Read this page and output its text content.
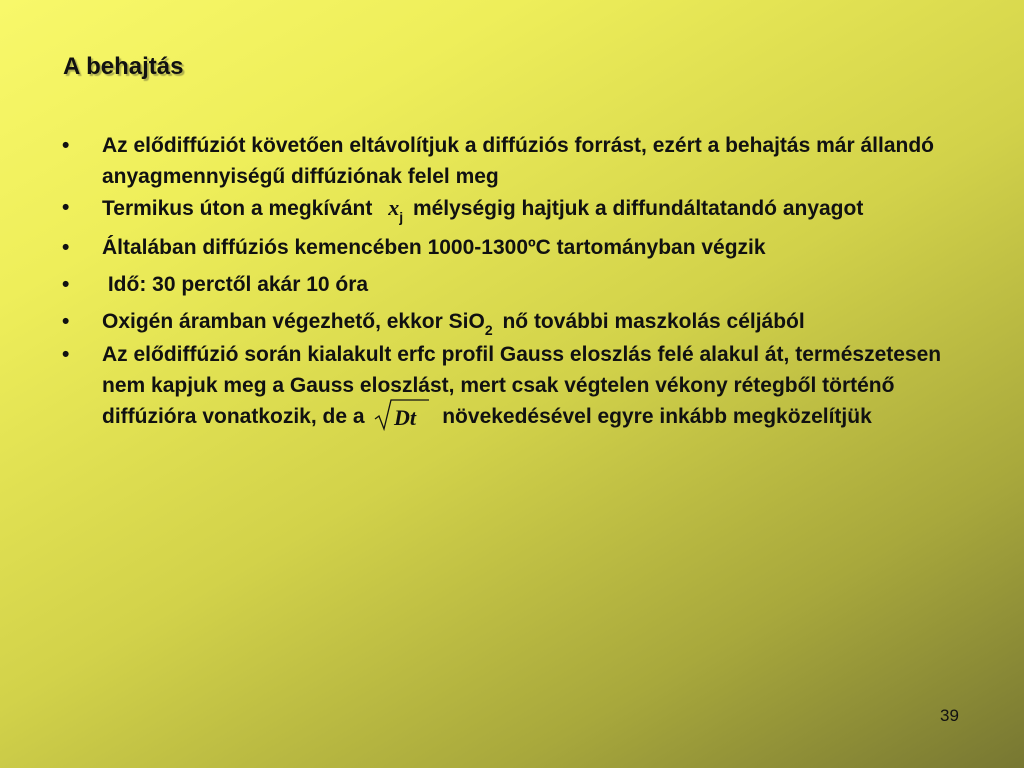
A behajtás
•	Az elődiffúziót követően eltávolítjuk a diffúziós forrást, ezért a behajtás már állandó anyagmennyiségű diffúziónak felel meg
•	Termikus úton a megkívánt $x_j$ mélységig hajtjuk a diffundáltatandó anyagot
•	Általában diffúziós kemencében 1000-1300ºC tartományban végzik
•	Idő: 30 perctől akár 10 óra
•	Oxigén áramban végezhető, ekkor SiO$_2$ nő további maszkolás céljából
•	Az elődiffúzió során kialakult erfc profil Gauss eloszlás felé alakul át, természetesen nem kapjuk meg a Gauss eloszlást, mert csak végtelen vékony rétegből történő diffúzióra vonatkozik, de a Dt növekedésével egyre inkább megközelítjük
39
